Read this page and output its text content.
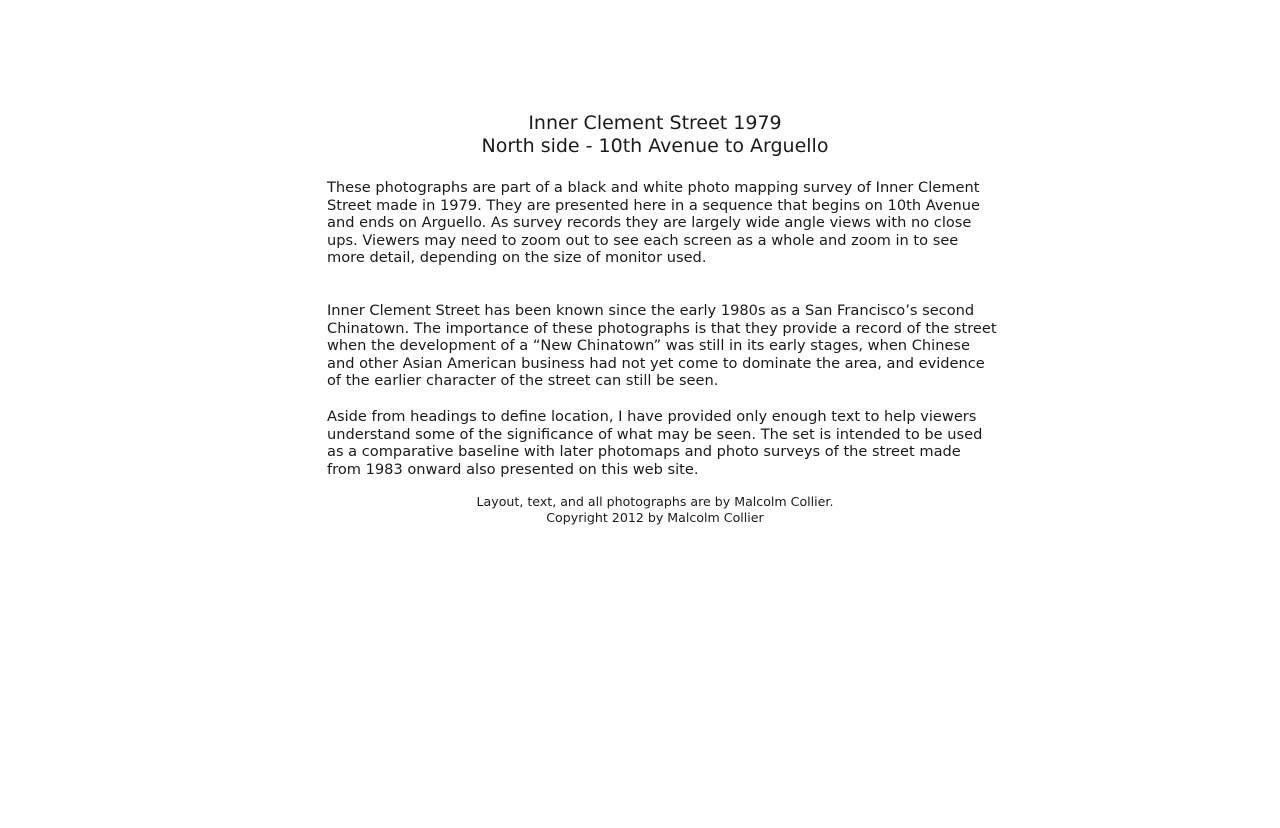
Inner Clement Street 1979
North side - 10th Avenue to Arguello

These photographs are part of a black and white photo mapping survey of Inner Clement Street made in 1979. They are presented here in a sequence that begins on 10th Avenue and ends on Arguello. As survey records they are largely wide angle views with no close ups. Viewers may need to zoom out to see each screen as a whole and zoom in to see more detail, depending on the size of monitor used.

Inner Clement Street has been known since the early 1980s as a San Francisco’s second Chinatown. The importance of these photographs is that they provide a record of the street when the development of a “New Chinatown” was still in its early stages, when Chinese and other Asian American business had not yet come to dominate the area, and evidence of the earlier character of the street can still be seen.

Aside from headings to define location, I have provided only enough text to help viewers understand some of the significance of what may be seen. The set is intended to be used as a comparative baseline with later photomaps and photo surveys of the street made from 1983 onward also presented on this web site.

Layout, text, and all photographs are by Malcolm Collier.
Copyright 2012 by Malcolm Collier
